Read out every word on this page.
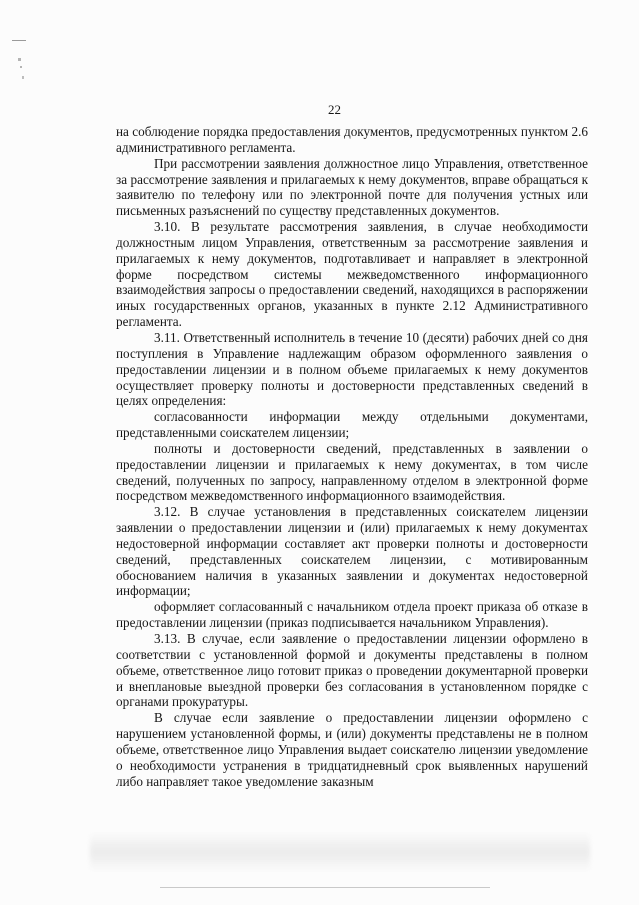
22

на соблюдение порядка предоставления документов, предусмотренных пунктом 2.6 административного регламента.

При рассмотрении заявления должностное лицо Управления, ответственное за рассмотрение заявления и прилагаемых к нему документов, вправе обращаться к заявителю по телефону или по электронной почте для получения устных или письменных разъяснений по существу представленных документов.

3.10. В результате рассмотрения заявления, в случае необходимости должностным лицом Управления, ответственным за рассмотрение заявления и прилагаемых к нему документов, подготавливает и направляет в электронной форме посредством системы межведомственного информационного взаимодействия запросы о предоставлении сведений, находящихся в распоряжении иных государственных органов, указанных в пункте 2.12 Административного регламента.

3.11. Ответственный исполнитель в течение 10 (десяти) рабочих дней со дня поступления в Управление надлежащим образом оформленного заявления о предоставлении лицензии и в полном объеме прилагаемых к нему документов осуществляет проверку полноты и достоверности представленных сведений в целях определения:

согласованности информации между отдельными документами, представленными соискателем лицензии;

полноты и достоверности сведений, представленных в заявлении о предоставлении лицензии и прилагаемых к нему документах, в том числе сведений, полученных по запросу, направленному отделом в электронной форме посредством межведомственного информационного взаимодействия.

3.12. В случае установления в представленных соискателем лицензии заявлении о предоставлении лицензии и (или) прилагаемых к нему документах недостоверной информации составляет акт проверки полноты и достоверности сведений, представленных соискателем лицензии, с мотивированным обоснованием наличия в указанных заявлении и документах недостоверной информации;

оформляет согласованный с начальником отдела проект приказа об отказе в предоставлении лицензии (приказ подписывается начальником Управления).

3.13. В случае, если заявление о предоставлении лицензии оформлено в соответствии с установленной формой и документы представлены в полном объеме, ответственное лицо готовит приказ о проведении документарной проверки и внеплановые выездной проверки без согласования в установленном порядке с органами прокуратуры.

В случае если заявление о предоставлении лицензии оформлено с нарушением установленной формы, и (или) документы представлены не в полном объеме, ответственное лицо Управления выдает соискателю лицензии уведомление о необходимости устранения в тридцатидневный срок выявленных нарушений либо направляет такое уведомление заказным
